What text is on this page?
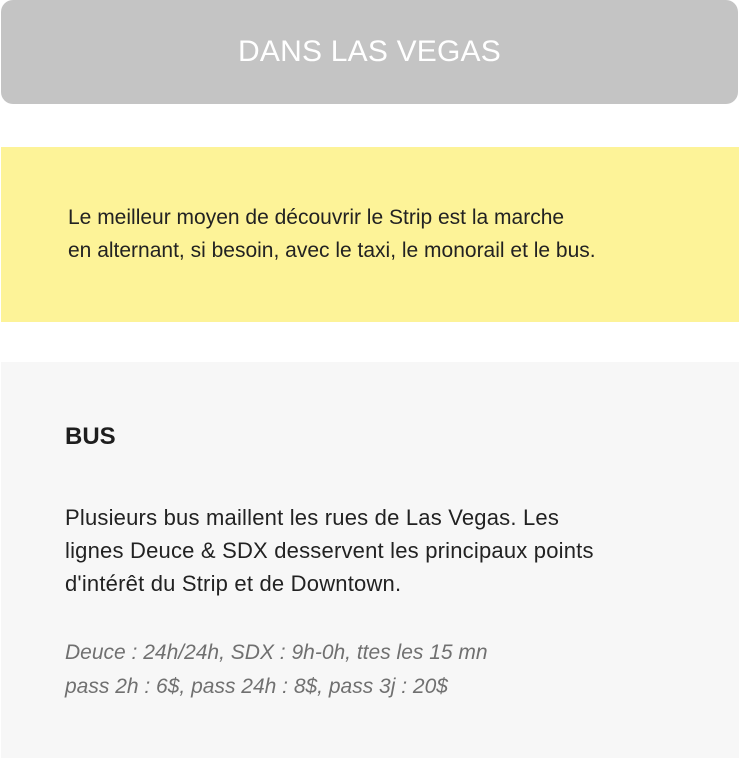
DANS LAS VEGAS

Le meilleur moyen de découvrir le Strip est la marche
en alternant, si besoin, avec le taxi, le monorail et le bus.

BUS

Plusieurs bus maillent les rues de Las Vegas. Les
lignes Deuce & SDX desservent les principaux points
d'intérêt du Strip et de Downtown.

Deuce : 24h/24h, SDX : 9h-0h, ttes les 15 mn
pass 2h : 6$, pass 24h : 8$, pass 3j : 20$
